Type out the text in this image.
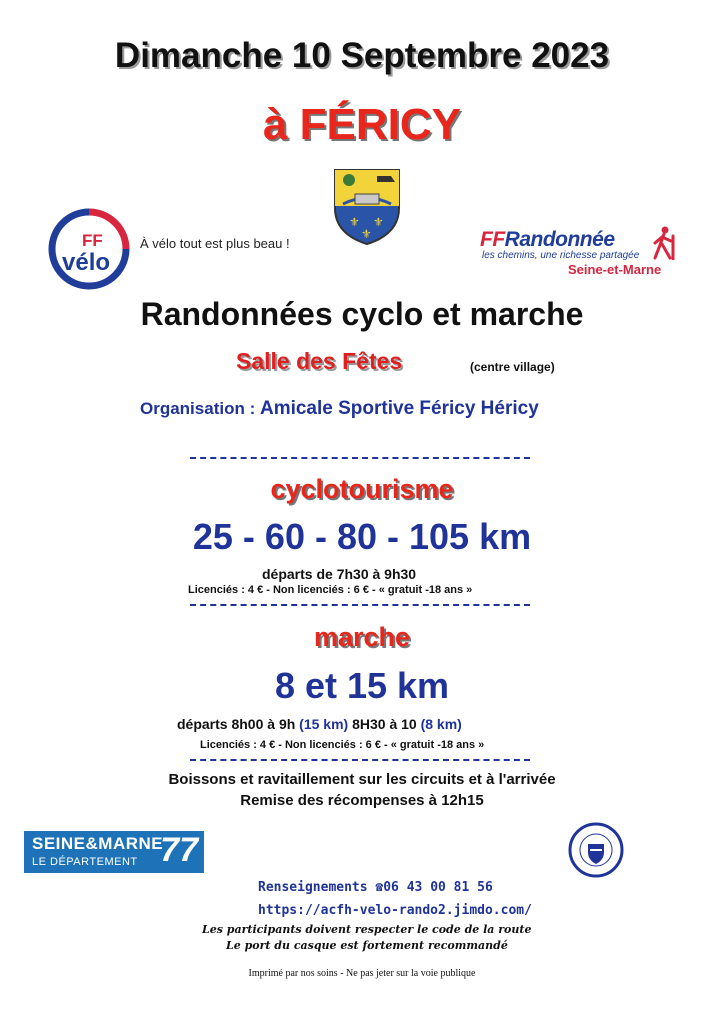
Dimanche 10 Septembre 2023
à FÉRICY
⚜ ⚜
⚜
FF
vélo
À vélo tout est plus beau !	FFRandonnée
les chemins, une richesse partagée
Seine-et-Marne
Randonnées cyclo et marche
Salle des Fêtes	(centre village)
Organisation : Amicale Sportive Féricy Héricy
cyclotourisme
25 - 60 - 80 - 105 km
départs de 7h30 à 9h30
Licenciés : 4 € - Non licenciés : 6 € - « gratuit -18 ans »
marche
8 et 15 km
départs 8h00 à 9h (15 km) 8H30 à 10 (8 km)
Licenciés : 4 € - Non licenciés : 6 € - « gratuit -18 ans »
Boissons et ravitaillement sur les circuits et à l'arrivée
Remise des récompenses à 12h15
SEINE&MARNE
LE DÉPARTEMENT 77
Renseignements ☎06 43 00 81 56
https://acfh-velo-rando2.jimdo.com/
Les participants doivent respecter le code de la route
Le port du casque est fortement recommandé
Imprimé par nos soins - Ne pas jeter sur la voie publique
